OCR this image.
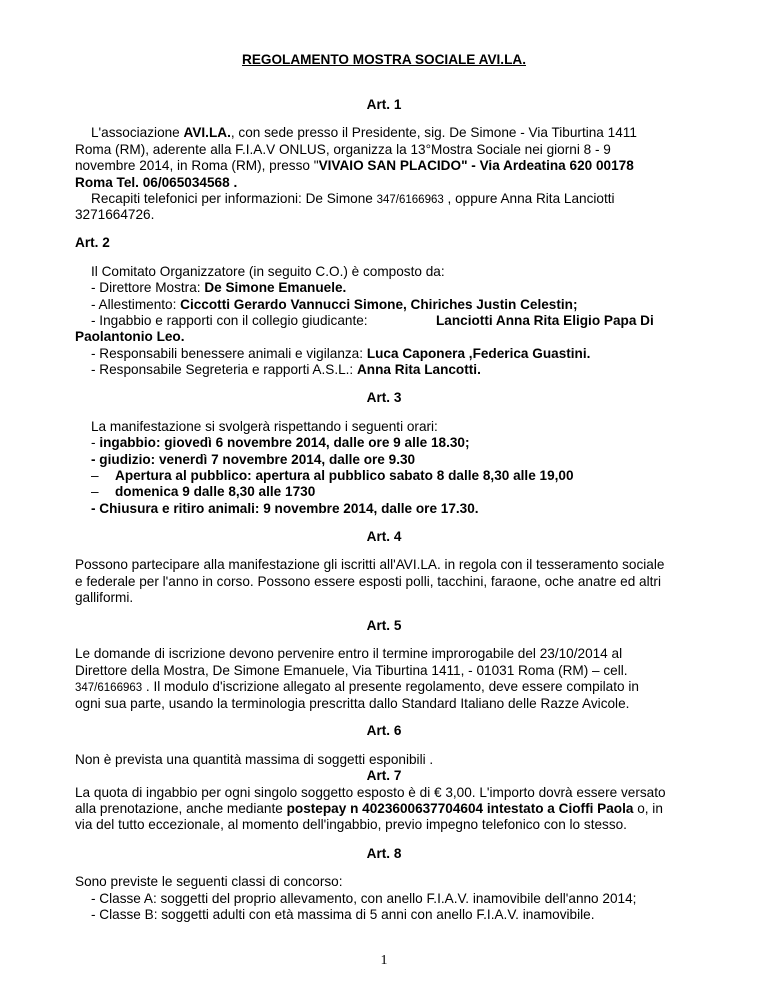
REGOLAMENTO MOSTRA SOCIALE AVI.LA.
Art. 1
L'associazione AVI.LA., con sede presso il Presidente, sig. De Simone - Via Tiburtina 1411
Roma (RM), aderente alla F.I.A.V ONLUS, organizza la 13°Mostra Sociale nei giorni 8 - 9
novembre 2014, in Roma (RM), presso "VIVAIO SAN PLACIDO" - Via Ardeatina 620 00178
Roma Tel. 06/065034568 .
Recapiti telefonici per informazioni: De Simone 347/6166963 , oppure Anna Rita Lanciotti
3271664726.
Art. 2
Il Comitato Organizzatore (in seguito C.O.) è composto da:
- Direttore Mostra: De Simone Emanuele.
- Allestimento: Ciccotti Gerardo Vannucci Simone, Chiriches Justin Celestin;
- Ingabbio e rapporti con il collegio giudicante:	Lanciotti Anna Rita Eligio Papa Di
Paolantonio Leo.
- Responsabili benessere animali e vigilanza: Luca Caponera ,Federica Guastini.
- Responsabile Segreteria e rapporti A.S.L.: Anna Rita Lancotti.
Art. 3
La manifestazione si svolgerà rispettando i seguenti orari:
- ingabbio: giovedì 6 novembre 2014, dalle ore 9 alle 18.30;
- giudizio: venerdì 7 novembre 2014, dalle ore 9.30
– Apertura al pubblico: apertura al pubblico sabato 8 dalle 8,30 alle 19,00
– domenica 9 dalle 8,30 alle 1730
- Chiusura e ritiro animali: 9 novembre 2014, dalle ore 17.30.
Art. 4
Possono partecipare alla manifestazione gli iscritti all'AVI.LA. in regola con il tesseramento sociale
e federale per l'anno in corso. Possono essere esposti polli, tacchini, faraone, oche anatre ed altri
galliformi.
Art. 5
Le domande di iscrizione devono pervenire entro il termine improrogabile del 23/10/2014 al
Direttore della Mostra, De Simone Emanuele, Via Tiburtina 1411, - 01031 Roma (RM) – cell.
347/6166963 . Il modulo d'iscrizione allegato al presente regolamento, deve essere compilato in
ogni sua parte, usando la terminologia prescritta dallo Standard Italiano delle Razze Avicole.
Art. 6
Non è prevista una quantità massima di soggetti esponibili .
Art. 7
La quota di ingabbio per ogni singolo soggetto esposto è di € 3,00. L'importo dovrà essere versato
alla prenotazione, anche mediante postepay n 4023600637704604 intestato a Cioffi Paola o, in
via del tutto eccezionale, al momento dell'ingabbio, previo impegno telefonico con lo stesso.
Art. 8
Sono previste le seguenti classi di concorso:
- Classe A: soggetti del proprio allevamento, con anello F.I.A.V. inamovibile dell'anno 2014;
- Classe B: soggetti adulti con età massima di 5 anni con anello F.I.A.V. inamovibile.
1
